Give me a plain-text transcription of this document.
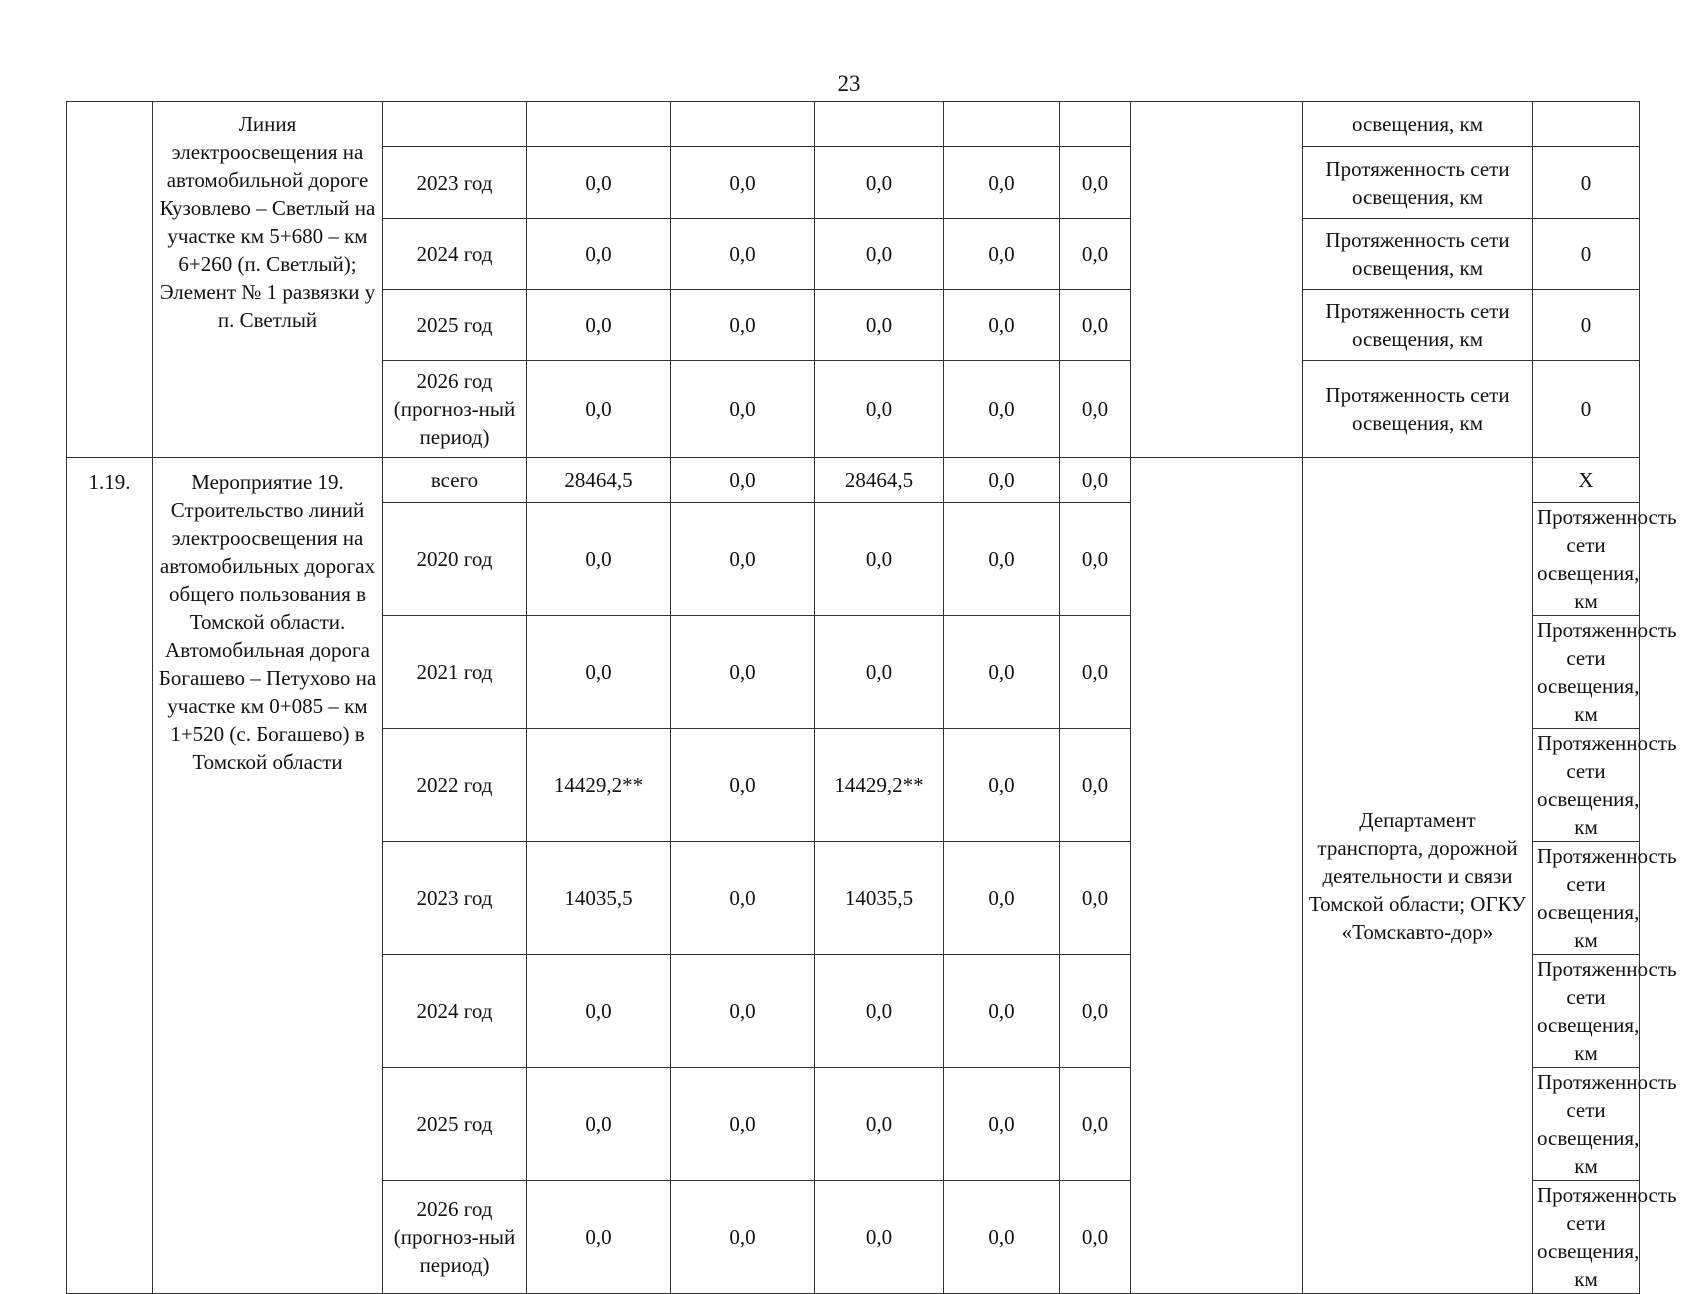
23
	Линия электроосвещения на автомобильной дороге Кузовлево – Светлый на участке км 5+680 – км 6+260 (п. Светлый); Элемент № 1 развязки у п. Светлый								освещения, км		
		2023 год	0,0	0,0	0,0	0,0	0,0		Протяженность сети освещения, км	0	
		2024 год	0,0	0,0	0,0	0,0	0,0		Протяженность сети освещения, км	0	
		2025 год	0,0	0,0	0,0	0,0	0,0		Протяженность сети освещения, км	0	
		2026 год (прогноз-ный период)	0,0	0,0	0,0	0,0	0,0		Протяженность сети освещения, км	0	
1.19.	Мероприятие 19. Строительство линий электроосвещения на автомобильных дорогах общего пользования в Томской области. Автомобильная дорога Богашево – Петухово на участке км 0+085 – км 1+520 (с. Богашево) в Томской области	всего	28464,5	0,0	28464,5	0,0	0,0		Департамент транспорта, дорожной деятельности и связи Томской области; ОГКУ «Томскавто-дор»	Х	
		2020 год	0,0	0,0	0,0	0,0	0,0			Протяженность сети освещения, км	
		2021 год	0,0	0,0	0,0	0,0	0,0			Протяженность сети освещения, км	
		2022 год	14429,2**	0,0	14429,2**	0,0	0,0			Протяженность сети освещения, км	
		2023 год	14035,5	0,0	14035,5	0,0	0,0			Протяженность сети освещения, км	
		2024 год	0,0	0,0	0,0	0,0	0,0			Протяженность сети освещения, км	
		2025 год	0,0	0,0	0,0	0,0	0,0			Протяженность сети освещения, км	
		2026 год (прогноз-ный период)	0,0	0,0	0,0	0,0	0,0			Протяженность сети освещения, км	
